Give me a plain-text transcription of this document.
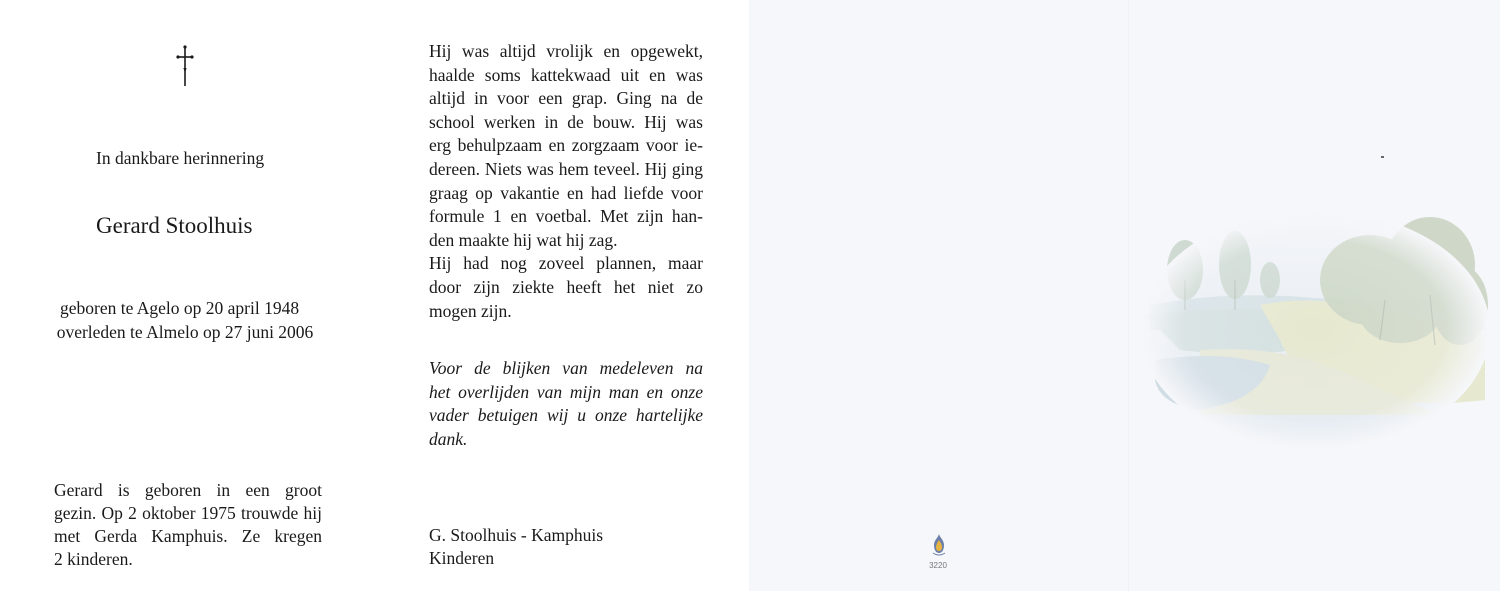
In dankbare herinnering
Gerard Stoolhuis
geboren te Agelo op 20 april 1948
overleden te Almelo op 27 juni 2006
Gerard is geboren in een groot
gezin. Op 2 oktober 1975 trouwde hij
met Gerda Kamphuis. Ze kregen
2 kinderen.
Hij was altijd vrolijk en opgewekt,
haalde soms kattekwaad uit en was
altijd in voor een grap. Ging na de
school werken in de bouw. Hij was
erg behulpzaam en zorgzaam voor ie-
dereen. Niets was hem teveel. Hij ging
graag op vakantie en had liefde voor
formule 1 en voetbal. Met zijn han-
den maakte hij wat hij zag.
Hij had nog zoveel plannen, maar
door zijn ziekte heeft het niet zo
mogen zijn.
Voor de blijken van medeleven na
het overlijden van mijn man en onze
vader betuigen wij u onze hartelijke
dank.
G. Stoolhuis - Kamphuis
Kinderen	3220
